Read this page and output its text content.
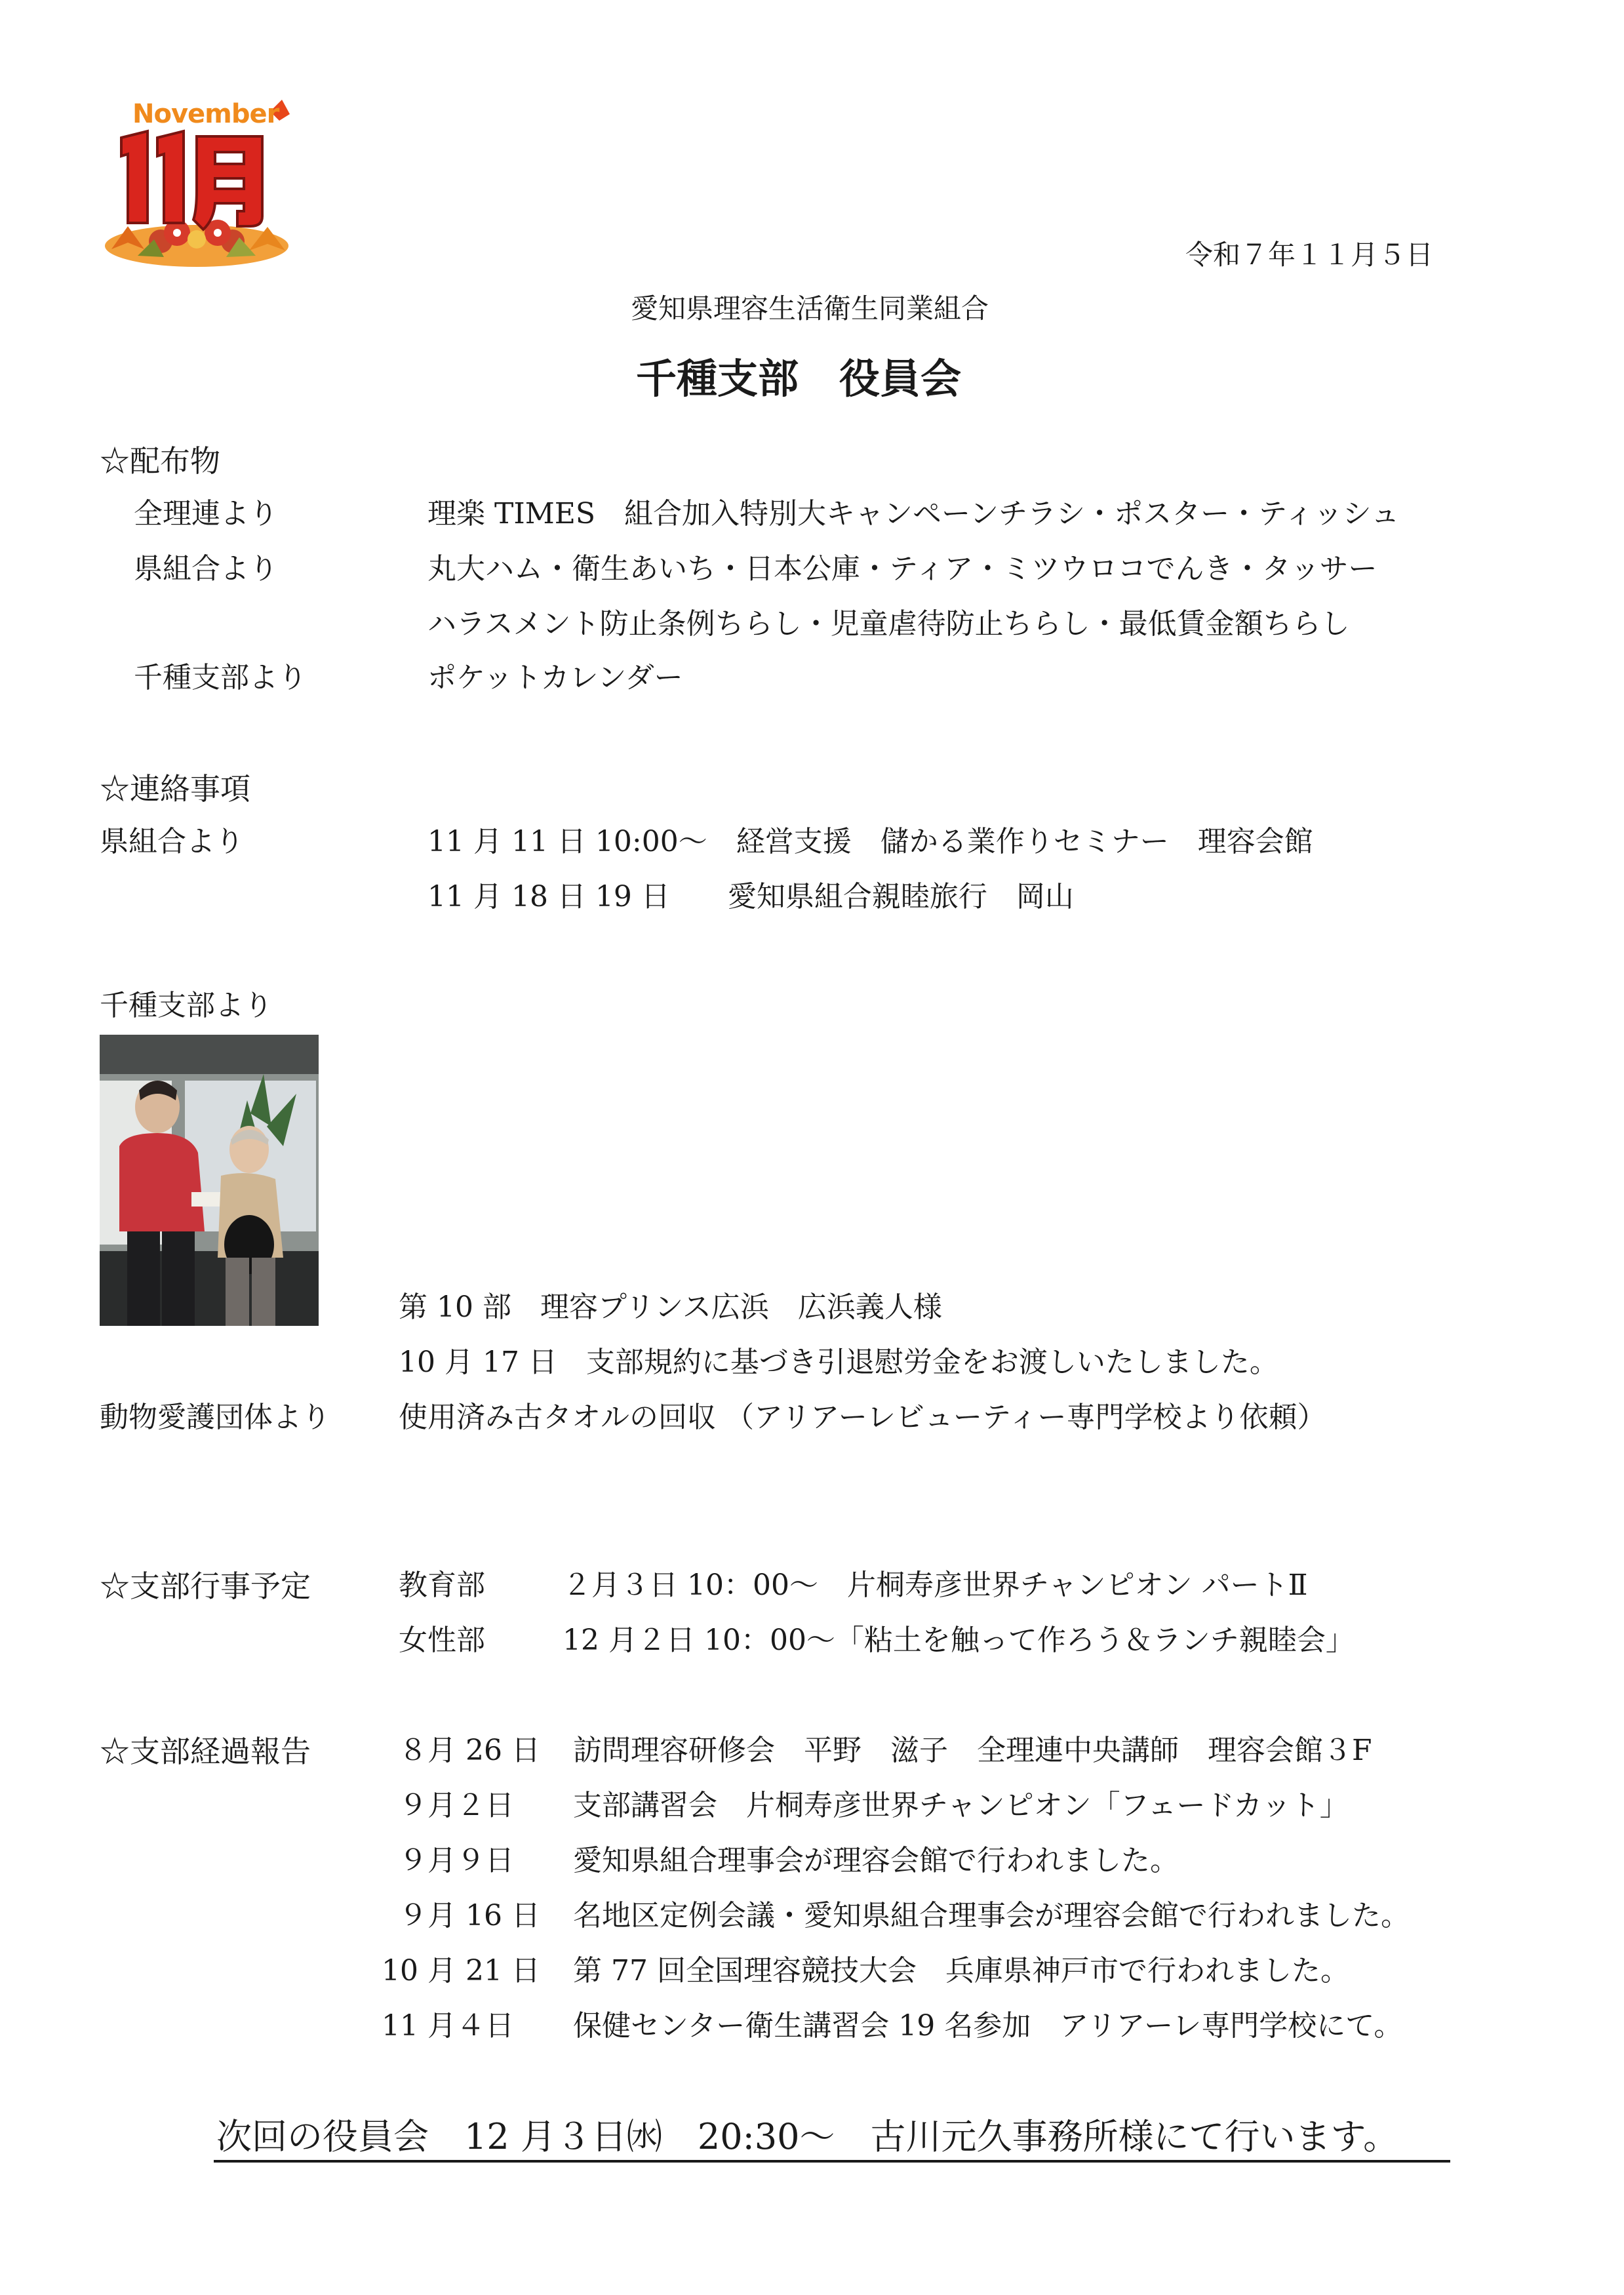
November
令和７年１１月５日
愛知県理容生活衛生同業組合
千種支部　役員会
☆配布物
全理連より	理楽 TIMES　組合加入特別大キャンペーンチラシ・ポスター・ティッシュ
県組合より	丸大ハム・衛生あいち・日本公庫・ティア・ミツウロコでんき・タッサー
ハラスメント防止条例ちらし・児童虐待防止ちらし・最低賃金額ちらし
千種支部より	ポケットカレンダー
☆連絡事項
県組合より	11 月 11 日 10:00～　経営支援　儲かる業作りセミナー　理容会館
11 月 18 日 19 日　　愛知県組合親睦旅行　岡山
千種支部より
第 10 部　理容プリンス広浜　広浜義人様
10 月 17 日　支部規約に基づき引退慰労金をお渡しいたしました。
動物愛護団体より 使用済み古タオルの回収 （アリアーレビューティー専門学校より依頼）
☆支部行事予定	教育部	２月３日 10：00～　片桐寿彦世界チャンピオン パートⅡ
女性部	12 月２日 10：00～「粘土を触って作ろう＆ランチ親睦会」
☆支部経過報告	８月 26 日 訪問理容研修会　平野　滋子　全理連中央講師　理容会館３F
９月２日 支部講習会　片桐寿彦世界チャンピオン「フェードカット」
９月９日 愛知県組合理事会が理容会館で行われました。
９月 16 日 名地区定例会議・愛知県組合理事会が理容会館で行われました。
10 月 21 日 第 77 回全国理容競技大会　兵庫県神戸市で行われました。
11 月４日 保健センター衛生講習会 19 名参加　アリアーレ専門学校にて。
次回の役員会　12 月３日㈬　20:30～　古川元久事務所様にて行います。
